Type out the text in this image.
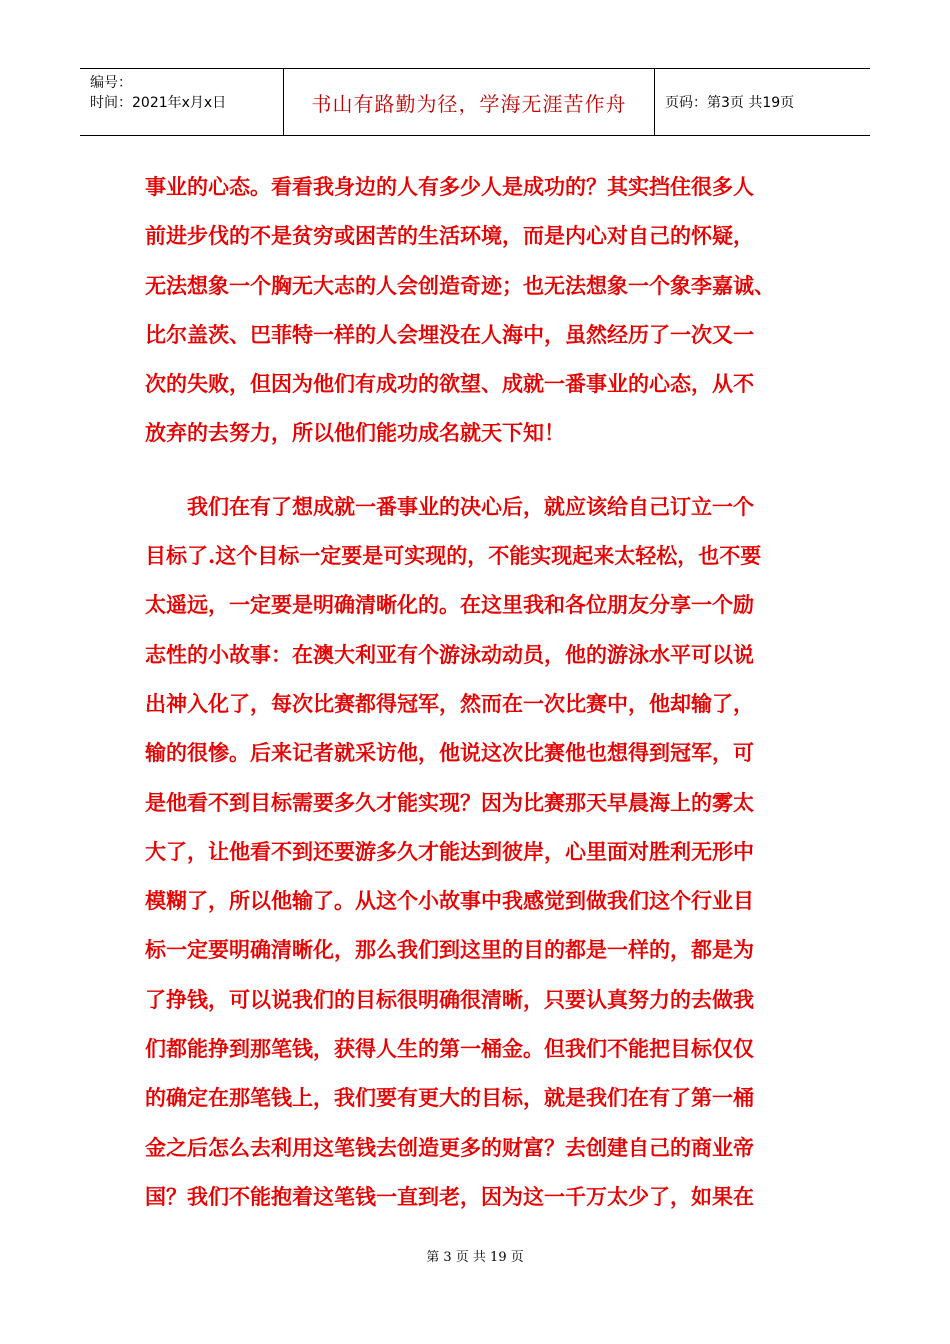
编号：
时间：2021年x月x日	书山有路勤为径，学海无涯苦作舟	页码：第3页 共19页

事业的心态。看看我身边的人有多少人是成功的？其实挡住很多人
前进步伐的不是贫穷或困苦的生活环境，而是内心对自己的怀疑，
无法想象一个胸无大志的人会创造奇迹；也无法想象一个象李嘉诚、
比尔盖茨、巴菲特一样的人会埋没在人海中，虽然经历了一次又一
次的失败，但因为他们有成功的欲望、成就一番事业的心态，从不
放弃的去努力，所以他们能功成名就天下知！

我们在有了想成就一番事业的决心后，就应该给自己订立一个
目标了.这个目标一定要是可实现的，不能实现起来太轻松，也不要
太遥远，一定要是明确清晰化的。在这里我和各位朋友分享一个励
志性的小故事：在澳大利亚有个游泳动动员，他的游泳水平可以说
出神入化了，每次比赛都得冠军，然而在一次比赛中，他却输了，
输的很惨。后来记者就采访他，他说这次比赛他也想得到冠军，可
是他看不到目标需要多久才能实现？因为比赛那天早晨海上的雾太
大了，让他看不到还要游多久才能达到彼岸，心里面对胜利无形中
模糊了，所以他输了。从这个小故事中我感觉到做我们这个行业目
标一定要明确清晰化，那么我们到这里的目的都是一样的，都是为
了挣钱，可以说我们的目标很明确很清晰，只要认真努力的去做我
们都能挣到那笔钱，获得人生的第一桶金。但我们不能把目标仅仅
的确定在那笔钱上，我们要有更大的目标，就是我们在有了第一桶
金之后怎么去利用这笔钱去创造更多的财富？去创建自己的商业帝
国？我们不能抱着这笔钱一直到老，因为这一千万太少了，如果在

第 3 页 共 19 页
